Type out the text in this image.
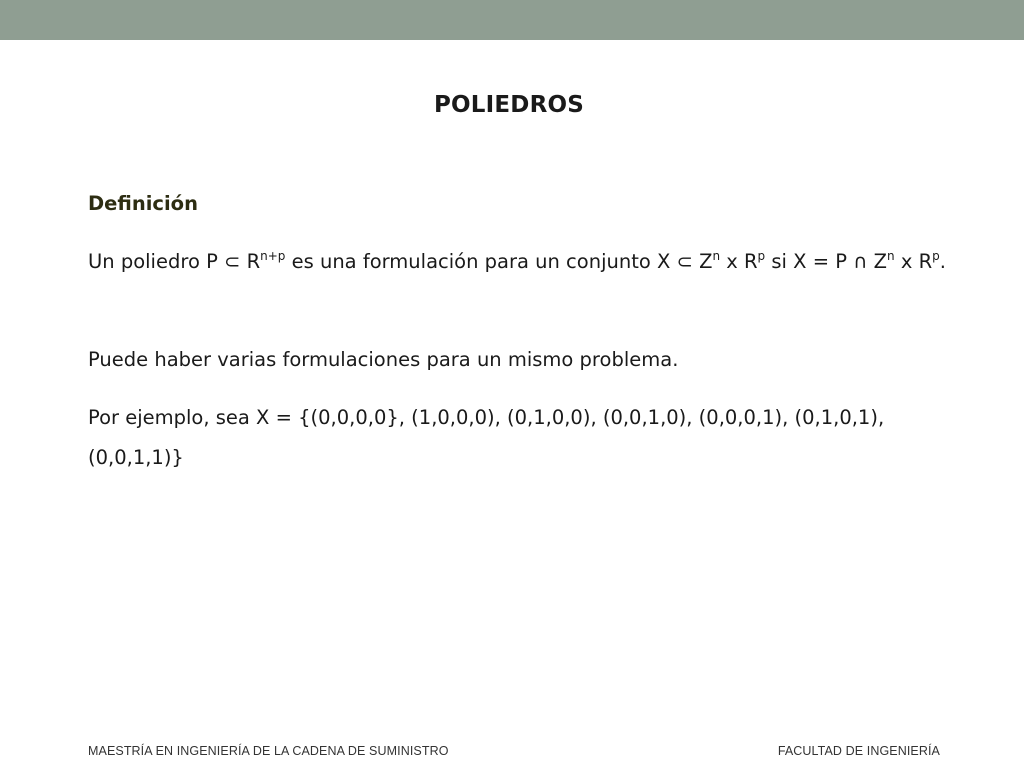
POLIEDROS

Definición

Un poliedro P ⊂ $R^{n+p}$ es una formulación para un conjunto X ⊂ $Z^n$ x $R^p$ si X = P ∩ $Z^n$ x $R^p$.

Puede haber varias formulaciones para un mismo problema.

Por ejemplo, sea X = {(0,0,0,0}, (1,0,0,0), (0,1,0,0), (0,0,1,0), (0,0,0,1), (0,1,0,1), (0,0,1,1)}

MAESTRÍA EN INGENIERÍA DE LA CADENA DE SUMINISTRO	FACULTAD DE INGENIERÍA
